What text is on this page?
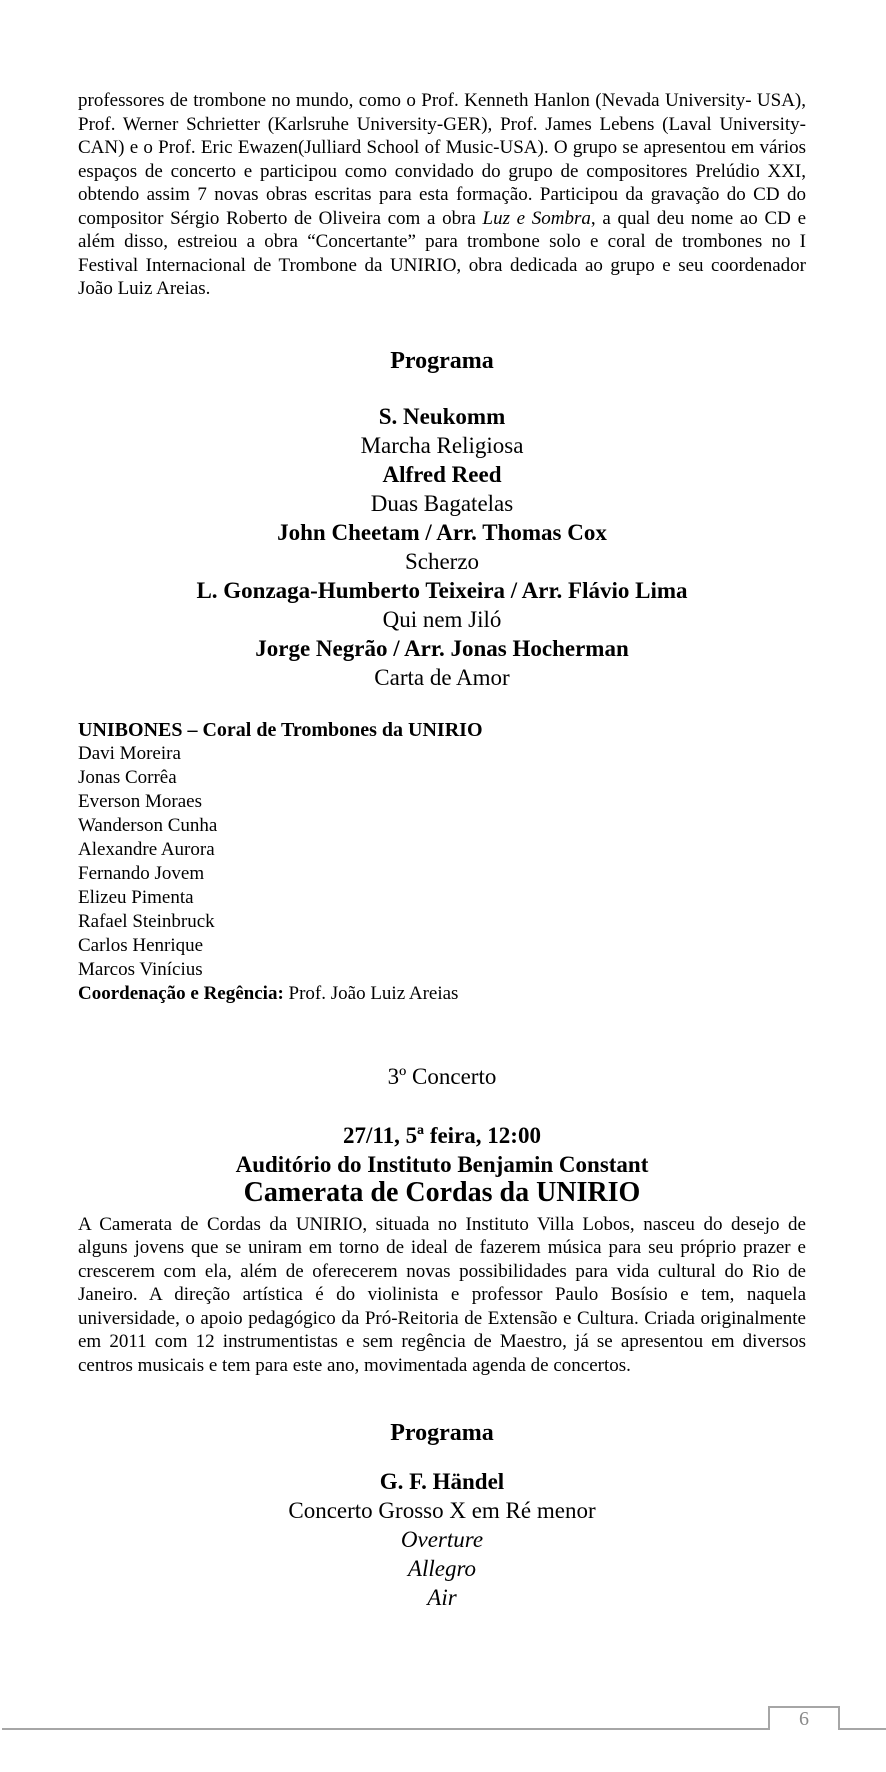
professores de trombone no mundo, como o Prof. Kenneth Hanlon (Nevada University- USA), Prof. Werner Schrietter (Karlsruhe University-GER), Prof. James Lebens (Laval University- CAN) e o Prof. Eric Ewazen(Julliard School of Music-USA). O grupo se apresentou em vários espaços de concerto e participou como convidado do grupo de compositores Prelúdio XXI, obtendo assim 7 novas obras escritas para esta formação. Participou da gravação do CD do compositor Sérgio Roberto de Oliveira com a obra Luz e Sombra, a qual deu nome ao CD e além disso, estreiou a obra “Concertante” para trombone solo e coral de trombones no I Festival Internacional de Trombone da UNIRIO, obra dedicada ao grupo e seu coordenador João Luiz Areias.

Programa
S. Neukomm
Marcha Religiosa
Alfred Reed
Duas Bagatelas
John Cheetam / Arr. Thomas Cox
Scherzo
L. Gonzaga-Humberto Teixeira / Arr. Flávio Lima
Qui nem Jiló
Jorge Negrão / Arr. Jonas Hocherman
Carta de Amor
UNIBONES – Coral de Trombones da UNIRIO
Davi Moreira
Jonas Corrêa
Everson Moraes
Wanderson Cunha
Alexandre Aurora
Fernando Jovem
Elizeu Pimenta
Rafael Steinbruck
Carlos Henrique
Marcos Vinícius
Coordenação e Regência: Prof. João Luiz Areias
3º Concerto
27/11, 5ª feira, 12:00
Auditório do Instituto Benjamin Constant
Camerata de Cordas da UNIRIO

A Camerata de Cordas da UNIRIO, situada no Instituto Villa Lobos, nasceu do desejo de alguns jovens que se uniram em torno de ideal de fazerem música para seu próprio prazer e crescerem com ela, além de oferecerem novas possibilidades para vida cultural do Rio de Janeiro. A direção artística é do violinista e professor Paulo Bosísio e tem, naquela universidade, o apoio pedagógico da Pró-Reitoria de Extensão e Cultura. Criada originalmente em 2011 com 12 instrumentistas e sem regência de Maestro, já se apresentou em diversos centros musicais e tem para este ano, movimentada agenda de concertos.

Programa
G. F. Händel
Concerto Grosso X em Ré menor
Overture
Allegro
Air
6
